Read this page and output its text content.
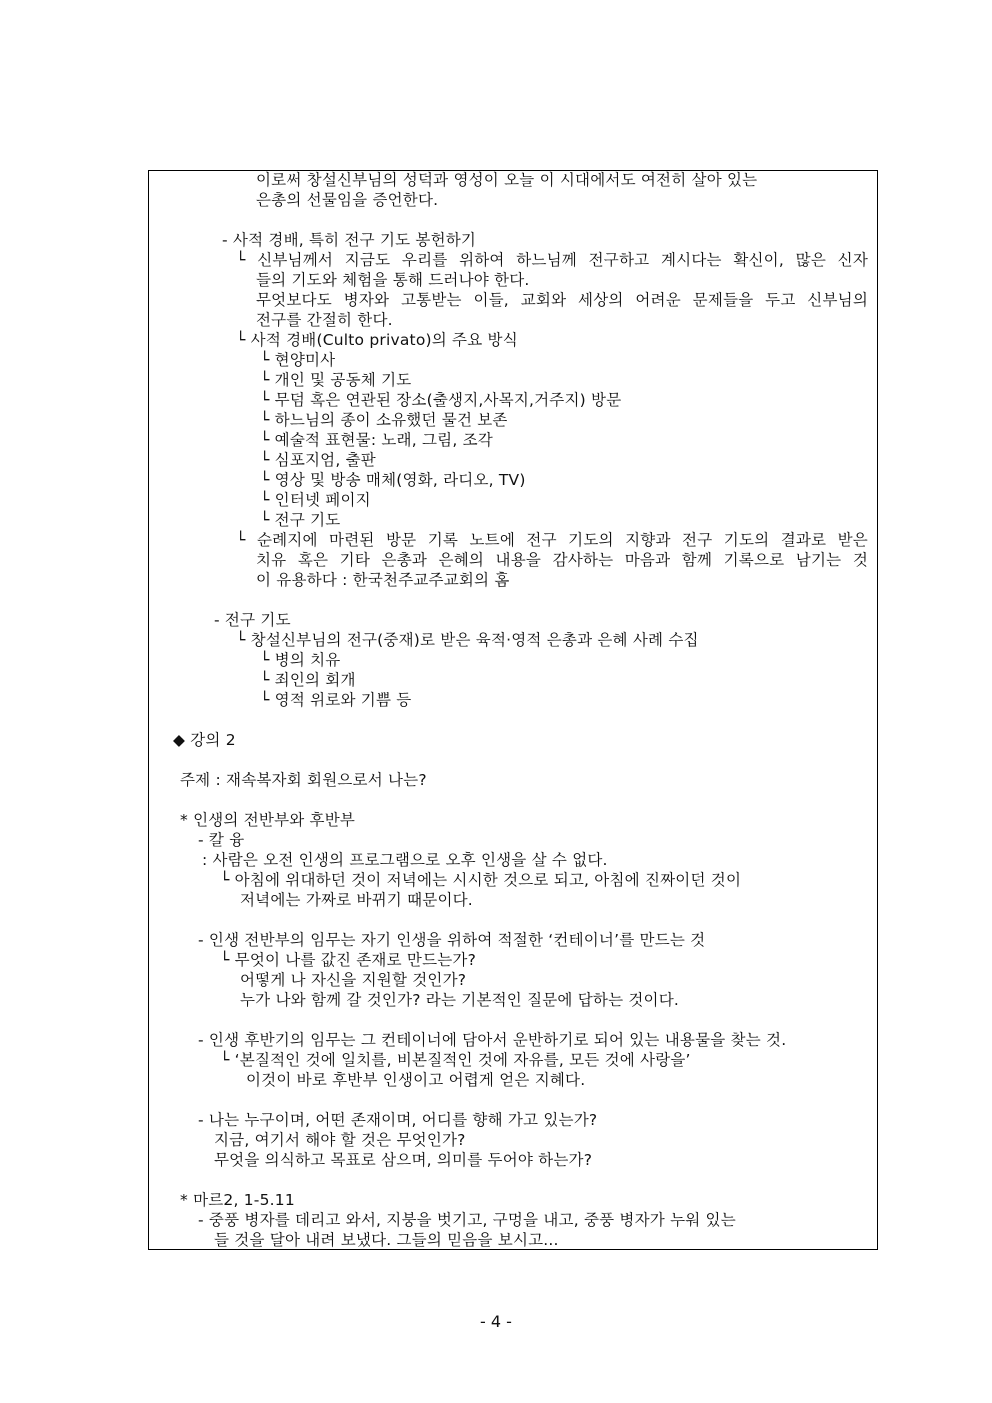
이로써 창설신부님의 성덕과 영성이 오늘 이 시대에서도 여전히 살아 있는
은총의 선물임을 증언한다.
- 사적 경배, 특히 전구 기도 봉헌하기
└ 신부님께서 지금도 우리를 위하여 하느님께 전구하고 계시다는 확신이, 많은 신자
들의 기도와 체험을 통해 드러나야 한다.
무엇보다도 병자와 고통받는 이들, 교회와 세상의 어려운 문제들을 두고 신부님의
전구를 간절히 한다.
└ 사적 경배(Culto privato)의 주요 방식
└ 현양미사
└ 개인 및 공동체 기도
└ 무덤 혹은 연관된 장소(출생지,사목지,거주지) 방문
└ 하느님의 종이 소유했던 물건 보존
└ 예술적 표현물: 노래, 그림, 조각
└ 심포지엄, 출판
└ 영상 및 방송 매체(영화, 라디오, TV)
└ 인터넷 페이지
└ 전구 기도
└ 순례지에 마련된 방문 기록 노트에 전구 기도의 지향과 전구 기도의 결과로 받은
치유 혹은 기타 은총과 은혜의 내용을 감사하는 마음과 함께 기록으로 남기는 것
이 유용하다 : 한국천주교주교회의 홈
- 전구 기도
└ 창설신부님의 전구(중재)로 받은 육적·영적 은총과 은혜 사례 수집
└ 병의 치유
└ 죄인의 회개
└ 영적 위로와 기쁨 등
◆ 강의 2
주제 : 재속복자회 회원으로서 나는?
* 인생의 전반부와 후반부
- 칼 융
: 사람은 오전 인생의 프로그램으로 오후 인생을 살 수 없다.
└ 아침에 위대하던 것이 저녁에는 시시한 것으로 되고, 아침에 진짜이던 것이
저녁에는 가짜로 바뀌기 때문이다.
- 인생 전반부의 임무는 자기 인생을 위하여 적절한 ‘컨테이너’를 만드는 것
└ 무엇이 나를 값진 존재로 만드는가?
어떻게 나 자신을 지원할 것인가?
누가 나와 함께 갈 것인가? 라는 기본적인 질문에 답하는 것이다.
- 인생 후반기의 임무는 그 컨테이너에 담아서 운반하기로 되어 있는 내용물을 찾는 것.
└ ‘본질적인 것에 일치를, 비본질적인 것에 자유를, 모든 것에 사랑을’
이것이 바로 후반부 인생이고 어렵게 얻은 지혜다.
- 나는 누구이며, 어떤 존재이며, 어디를 향해 가고 있는가?
지금, 여기서 해야 할 것은 무엇인가?
무엇을 의식하고 목표로 삼으며, 의미를 두어야 하는가?
* 마르2, 1-5.11
- 중풍 병자를 데리고 와서, 지붕을 벗기고, 구멍을 내고, 중풍 병자가 누워 있는
들 것을 달아 내려 보냈다. 그들의 믿음을 보시고...
- 4 -
